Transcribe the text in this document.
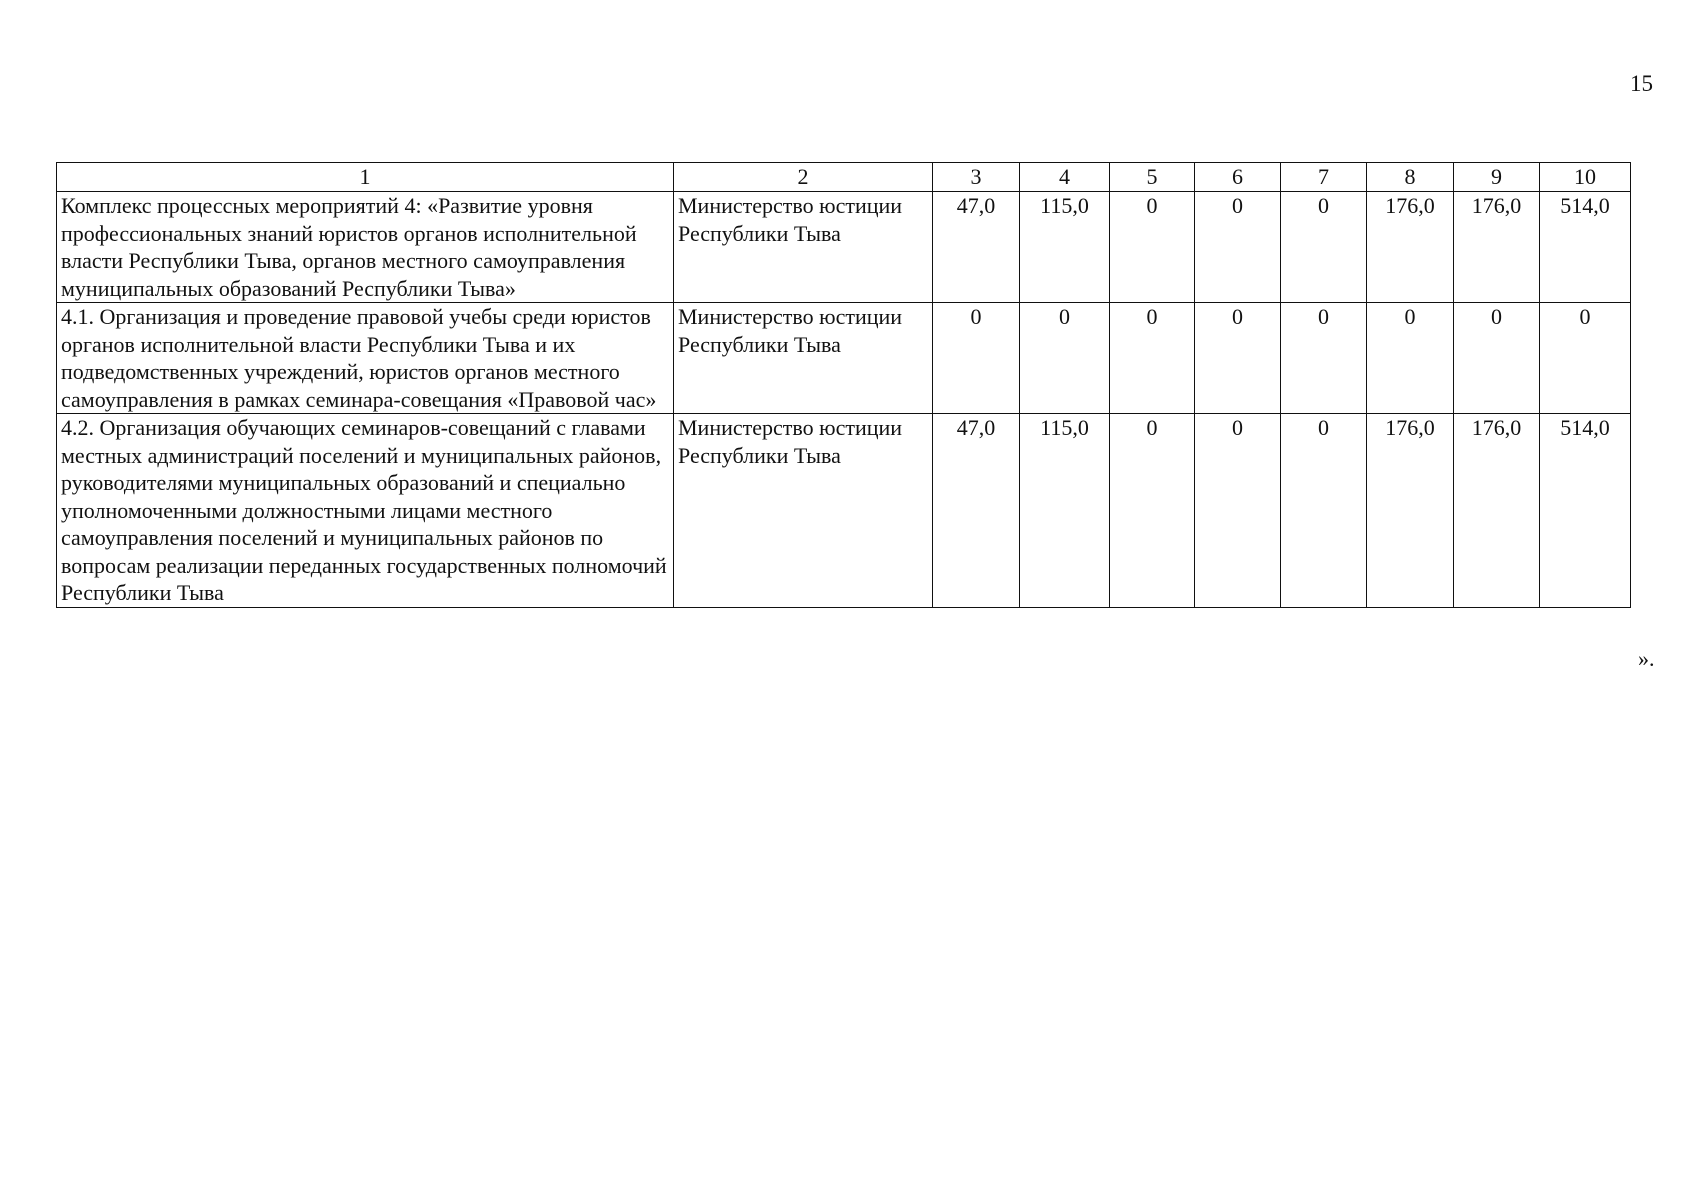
15
1	2	3	4	5	6	7	8	9	10
Комплекс процессных мероприятий 4: «Развитие уровня профессиональных знаний юристов органов исполнительной власти Республики Тыва, органов местного самоуправления муниципальных образований Республики Тыва»	Министерство юстиции Республики Тыва	47,0	115,0	0	0	0	176,0	176,0	514,0
4.1. Организация и проведение правовой учебы среди юристов органов исполнительной власти Республики Тыва и их подведомственных учреждений, юристов органов местного самоуправления в рамках семинара-совещания «Правовой час»	Министерство юстиции Республики Тыва	0	0	0	0	0	0	0	0
4.2. Организация обучающих семинаров-совещаний с главами местных администраций поселений и муниципальных районов, руководителями муниципальных образований и специально уполномоченными должностными лицами местного самоуправления поселений и муниципальных районов по вопросам реализации переданных государственных полномочий Республики Тыва	Министерство юстиции Республики Тыва	47,0	115,0	0	0	0	176,0	176,0	514,0
».
